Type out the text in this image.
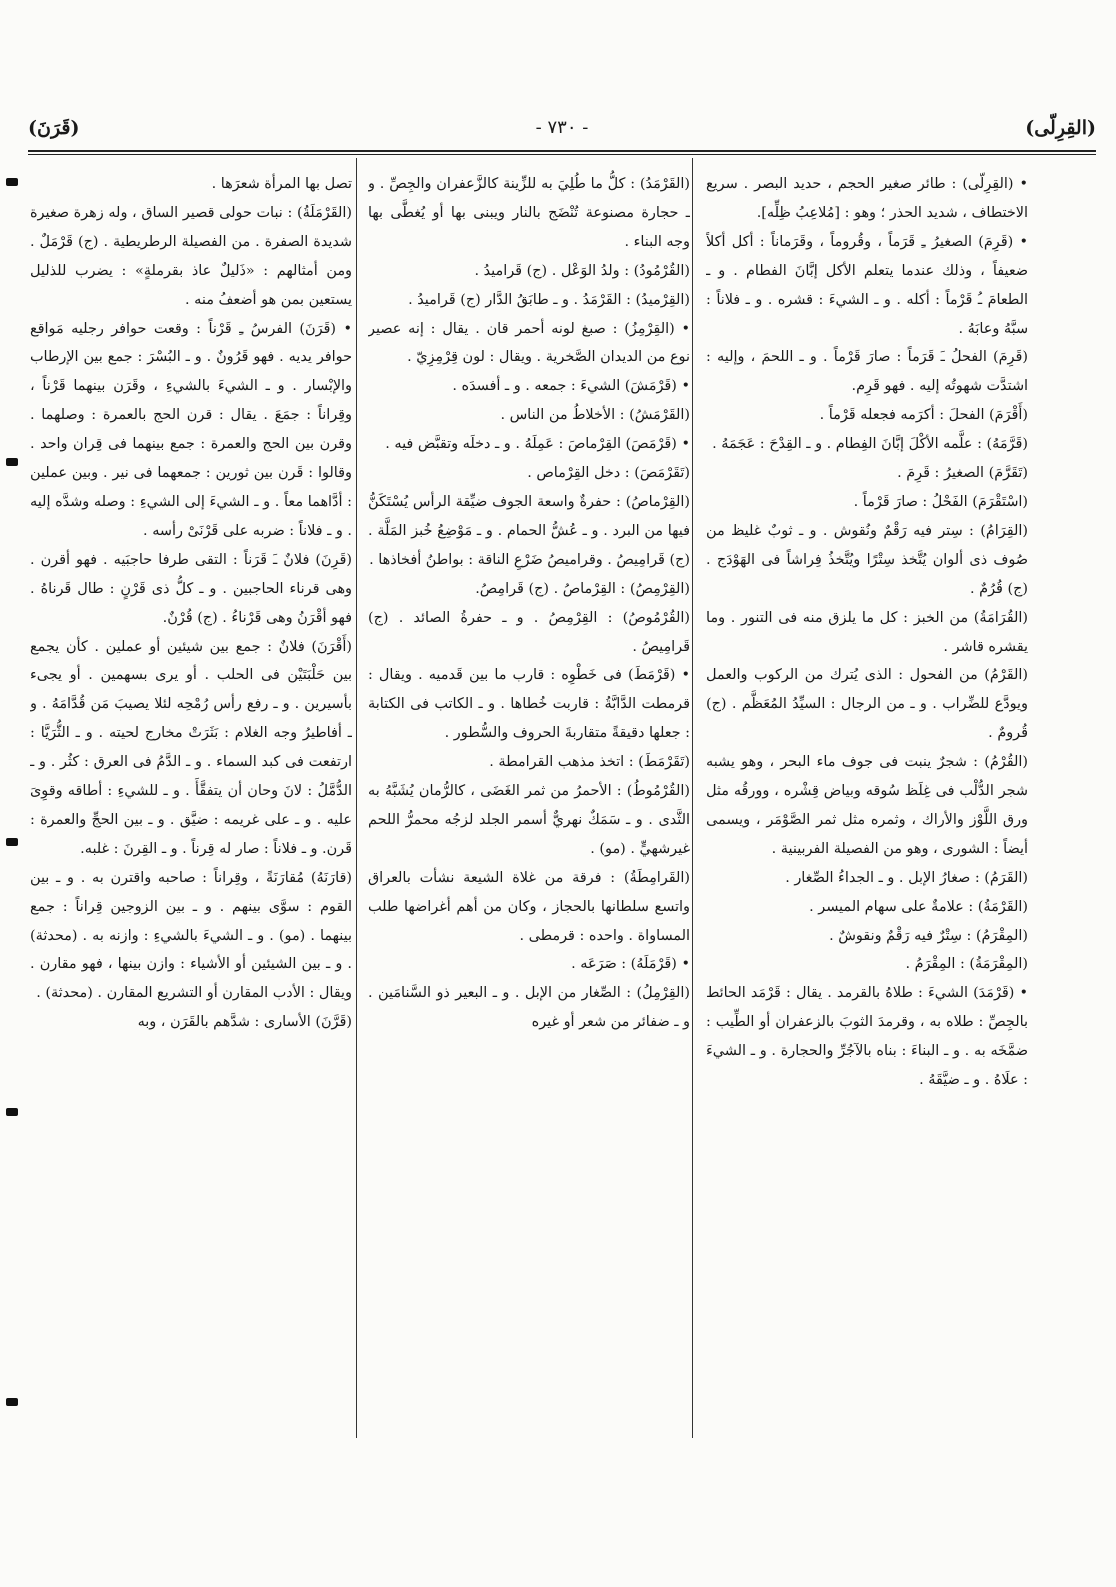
(القِرِلّى)
- ٧٣٠ -
(قَرَنَ)

• (القِرِلّى) : طائر صغير الحجم ، حديد البصر . سريع الاختطاف ، شديد الحذر ؛ وهو : [مُلاعِبُ ظِلِّه].

• (قَرِمَ) الصغيرُ ـِ قَرَماً ، وقُروماً ، وقَرَماناً : أكل أكلاً ضعيفاً ، وذلك عندما يتعلم الأكل إبَّانَ الفطام . و ـ الطعامَ ـُ قَرْماً : أكله . و ـ الشيءَ : قشره . و ـ فلاناً : سبَّهُ وعابَهُ .

(قَرِمَ) الفحلُ ـَ قَرَماً : صارَ قَرْماً . و ـ اللحمَ ، وإليه : اشتدَّت شهوتُه إليه . فهو قَرِم.

(أَقْرَمَ) الفحلَ : أكرَمه فجعله قَرْماً .

(قَرَّمَهُ) : علَّمه الأكْلَ إبَّانَ الفِطام . و ـ القِدْحَ : عَجَمَهُ .

(تَقَرَّمَ) الصغيرُ : قَرِمَ .

(اسْتَقْرَمَ) الفَحْلُ : صارَ قَرْماً .

(القِرَامُ) : سِتر فيه رَقْمٌ ونُقوش . و ـ ثوبٌ غليظ من صُوف ذى ألوان يُتَّخذ سِتْرًا ويُتَّخذُ فِراشاً فى الهَوْدَج . (ج) قُرُمٌ .

(القُرَامَةُ) من الخبز : كل ما يلزق منه فى التنور . وما يقشره قاشر .

(القَرْمُ) من الفحول : الذى يُترك من الركوب والعمل ويودَّع للضِّراب . و ـ من الرجال : السيِّدُ المُعَظَّم . (ج) قُرومٌ .

(القُرْمُ) : شجرٌ ينبت فى جوف ماء البحر ، وهو يشبه شجر الدُّلْب فى غِلَظ سُوقه وبياض قِشْره ، وورقُه مثل ورق اللَّوْز والأراك ، وثمره مثل ثمر الصَّوْمَر ، ويسمى أيضاً : الشورى ، وهو من الفصيلة الفربينية .

(القَرَمُ) : صغارُ الإبل . و ـ الجداءُ الصِّغار .

(القَرْمَةُ) : علامةٌ على سهام الميسر .

(المِقْرَمُ) : سِتْرٌ فيه رَقْمٌ ونقوشٌ .

(المِقْرَمَةُ) : المِقْرَمُ .

• (قَرْمَدَ) الشيءَ : طلاهُ بالقرمد . يقال : قَرْمَد الحائط بالجِصِّ : طلاه به ، وقرمدَ الثوبَ بالزعفران أو الطِّيب : ضمَّخَه به . و ـ البناءَ : بناه بالآجُرِّ والحجارة . و ـ الشيءَ : علَاهُ . و ـ ضيَّقَهُ .

(القَرْمَدُ) : كلُّ ما طُلِيَ به للزِّينة كالزَّعفران والجِصِّ . و ـ حجارة مصنوعة تُنْضَج بالنار ويبنى بها أو يُغطَّى بها وجه البناء .

(القُرْمُودُ) : ولدُ الوَعْل . (ج) قَراميدُ .

(القِرْميدُ) : القَرْمَدُ . و ـ طابَقُ الدَّار (ج) قَراميدُ .

• (القِرْمِزُ) : صبغ لونه أحمر قان . يقال : إنه عصير نوع من الديدان الصَّخرية . ويقال : لون قِرْمِزِيّ .

• (قَرْمَشَ) الشيءَ : جمعه . و ـ أفسدَه .

(القَرْمَشُ) : الأخلاطُ من الناس .

• (قَرْمَصَ) القِرْماصَ : عَمِلَهُ . و ـ دخلَه وتقبَّض فيه .

(تَقَرْمَصَ) : دخل القِرْماص .

(القِرْماصُ) : حفرةٌ واسعة الجوف ضيِّقة الرأس يُسْتَكَنُّ فيها من البرد . و ـ عُشُّ الحمام . و ـ مَوْضِعُ خُبز المَلَّة . (ج) قَرامِيصُ . وقراميصُ ضَرْعِ الناقة : بواطنُ أفخاذها .

(القِرْمِصُ) : القِرْماصُ . (ج) قَرامِصُ.

(القُرْمُوصُ) : القِرْمِصُ . و ـ حفرةُ الصائد . (ج) قَرامِيصُ .

• (قَرْمَطَ) فى خَطْوِه : قارب ما بين قَدميه . ويقال : قرمطت الدَّابَّةُ : قاربت خُطاها . و ـ الكاتب فى الكتابة : جعلها دقيقةً متقاربةَ الحروف والسُّطور .

(تَقَرْمَطَ) : اتخذ مذهب القرامطة .

(القُرْمُوطُ) : الأحمرُ من ثمر الغَضَى ، كالرُّمان يُشَبَّهُ به الثَّدى . و ـ سَمَكٌ نهريٌّ أسمر الجلد لزجُه محمرُّ اللحم غيرشهيٍّ . (مو) .

(القَرامِطَةُ) : فرقة من غلاة الشيعة نشأت بالعراق واتسع سلطانها بالحجاز ، وكان من أهم أغراضها طلب المساواة . واحده : قرمطى .

• (قَرْمَلَهُ) : صَرَعَه .

(القِرْمِلُ) : الصِّغار من الإبل . و ـ البعير ذو السَّنامَين . و ـ ضفائر من شعر أو غيره

تصل بها المرأة شعرَها .

(القَرْمَلَةُ) : نبات حولى قصير الساق ، وله زهرة صغيرة شديدة الصفرة . من الفصيلة الرطريطية . (ج) قَرْمَلٌ . ومن أمثالهم : «ذَليلٌ عاذ بقرملةٍ» : يضرب للذليل يستعين بمن هو أضعفُ منه .

• (قَرَنَ) الفرسُ ـِ قَرْناً : وقعت حوافر رجليه مَواقع حوافر يديه . فهو قَرُونٌ . و ـ البُسْرَ : جمع بين الإرطاب والإبْسار . و ـ الشيءَ بالشيءِ ، وقَرَن بينهما قَرْناً ، وقِراناً : جمَعَ . يقال : قرن الحج بالعمرة : وصلهما . وقرن بين الحج والعمرة : جمع بينهما فى قِران واحد . وقالوا : قَرن بين ثورين : جمعهما فى نير . وبين عملين : أدَّاهما معاً . و ـ الشيءَ إلى الشيءِ : وصله وشدَّه إليه . و ـ فلاناً : ضربه على قَرْنَىْ رأسه .

(قَرِنَ) فلانٌ ـَ قَرَناً : التقى طرفا حاجبَيه . فهو أقرن . وهى قرناء الحاجبين . و ـ كلُّ ذى قَرْنٍ : طال قَرناهُ . فهو أقْرَنُ وهى قَرْناءُ . (ج) قُرْنٌ.

(أَقْرَنَ) فلانٌ : جمع بين شيئين أو عملين . كأن يجمع بين حَلْبَتَيْن فى الحلب . أو يرى بسهمين . أو يجىء بأسيرين . و ـ رفع رأس رُمْحِه لئلا يصيبَ مَن قُدَّامَهُ . و ـ أفاطيرُ وجه الغلام : بَثَرَتْ مخارج لحيته . و ـ الثُّرَيَّا : ارتفعت فى كبد السماء . و ـ الدَّمُ فى العرق : كثُر . و ـ الدُّمَّلُ : لانَ وحان أن يتفقَّأَ . و ـ للشيءِ : أطاقه وقوِىَ عليه . و ـ على غريمه : ضيَّق . و ـ بين الحجِّ والعمرة : قَرن. و ـ فلاناً : صار له قِرناً . و ـ القِرنَ : غلبه.

(قارَنَهُ) مُقارَنَةً ، وقِراناً : صاحبه واقترن به . و ـ بين القوم : سوَّى بينهم . و ـ بين الزوجين قِراناً : جمع بينهما . (مو) . و ـ الشيءَ بالشيءِ : وازنه به . (محدثة) . و ـ بين الشيئين أو الأشياء : وازن بينها ، فهو مقارن . ويقال : الأدب المقارن أو التشريع المقارن . (محدثة) .

(قَرَّنَ) الأسارى : شدَّهم بالقَرَن ، وبه
